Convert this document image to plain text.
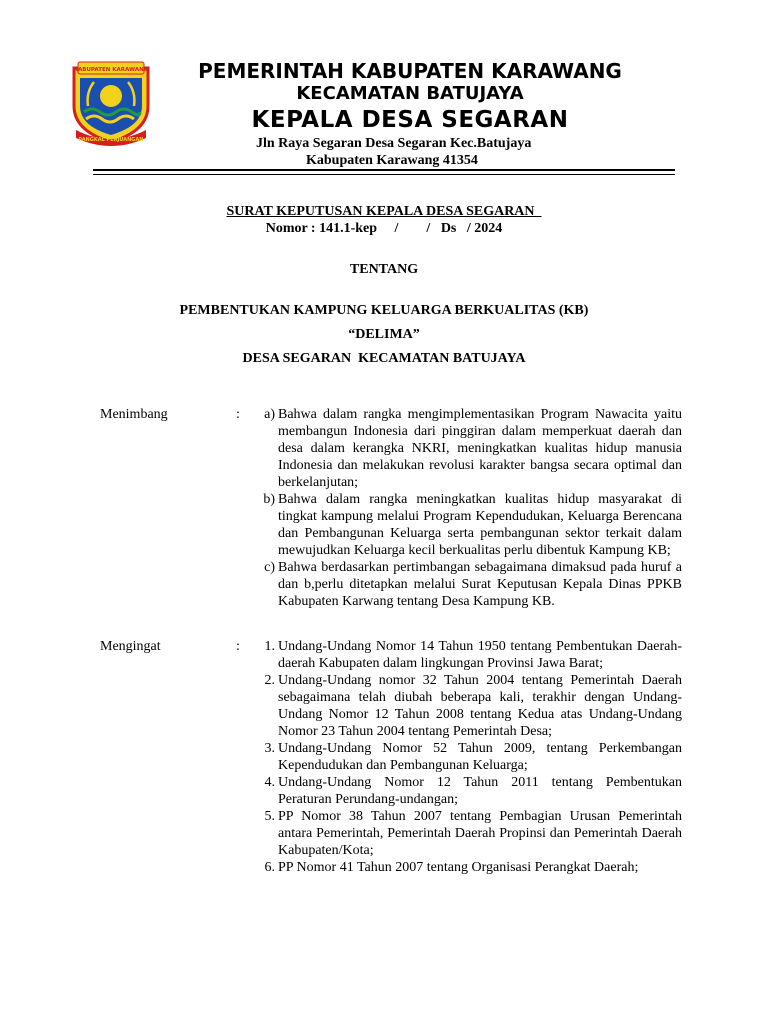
KABUPATEN KARAWANG
PANGKAL PERJUANGAN
PEMERINTAH KABUPATEN KARAWANG
KECAMATAN BATUJAYA
KEPALA DESA SEGARAN
Jln Raya Segaran Desa Segaran Kec.Batujaya
Kabupaten Karawang 41354
SURAT KEPUTUSAN KEPALA DESA SEGARAN
Nomor : 141.1-kep     /        /   Ds   / 2024
TENTANG
PEMBENTUKAN KAMPUNG KELUARGA BERKUALITAS (KB)
“DELIMA”
DESA SEGARAN  KECAMATAN BATUJAYA
Menimbang	:	a) Bahwa dalam rangka mengimplementasikan Program Nawacita yaitu membangun Indonesia dari pinggiran dalam memperkuat daerah dan desa dalam kerangka NKRI, meningkatkan kualitas hidup manusia Indonesia dan melakukan revolusi karakter bangsa secara optimal dan berkelanjutan;
b) Bahwa dalam rangka meningkatkan kualitas hidup masyarakat di tingkat kampung melalui Program Kependudukan, Keluarga Berencana dan Pembangunan Keluarga serta pembangunan sektor terkait dalam mewujudkan Keluarga kecil berkualitas perlu dibentuk Kampung KB;
c) Bahwa berdasarkan pertimbangan sebagaimana dimaksud pada huruf a dan b,perlu ditetapkan melalui Surat Keputusan Kepala Dinas PPKB Kabupaten Karwang tentang Desa Kampung KB.
Mengingat	:	1. Undang-Undang Nomor 14 Tahun 1950 tentang Pembentukan Daerah-daerah Kabupaten dalam lingkungan Provinsi Jawa Barat;
2. Undang-Undang nomor 32 Tahun 2004 tentang Pemerintah Daerah sebagaimana telah diubah beberapa kali, terakhir dengan Undang-Undang Nomor 12 Tahun 2008 tentang Kedua atas Undang-Undang Nomor 23 Tahun 2004 tentang Pemerintah Desa;
3. Undang-Undang Nomor 52 Tahun 2009, tentang Perkembangan Kependudukan dan Pembangunan Keluarga;
4. Undang-Undang Nomor 12 Tahun 2011 tentang Pembentukan Peraturan Perundang-undangan;
5. PP Nomor 38 Tahun 2007 tentang Pembagian Urusan Pemerintah antara Pemerintah, Pemerintah Daerah Propinsi dan Pemerintah Daerah Kabupaten/Kota;
6. PP Nomor 41 Tahun 2007 tentang Organisasi Perangkat Daerah;
